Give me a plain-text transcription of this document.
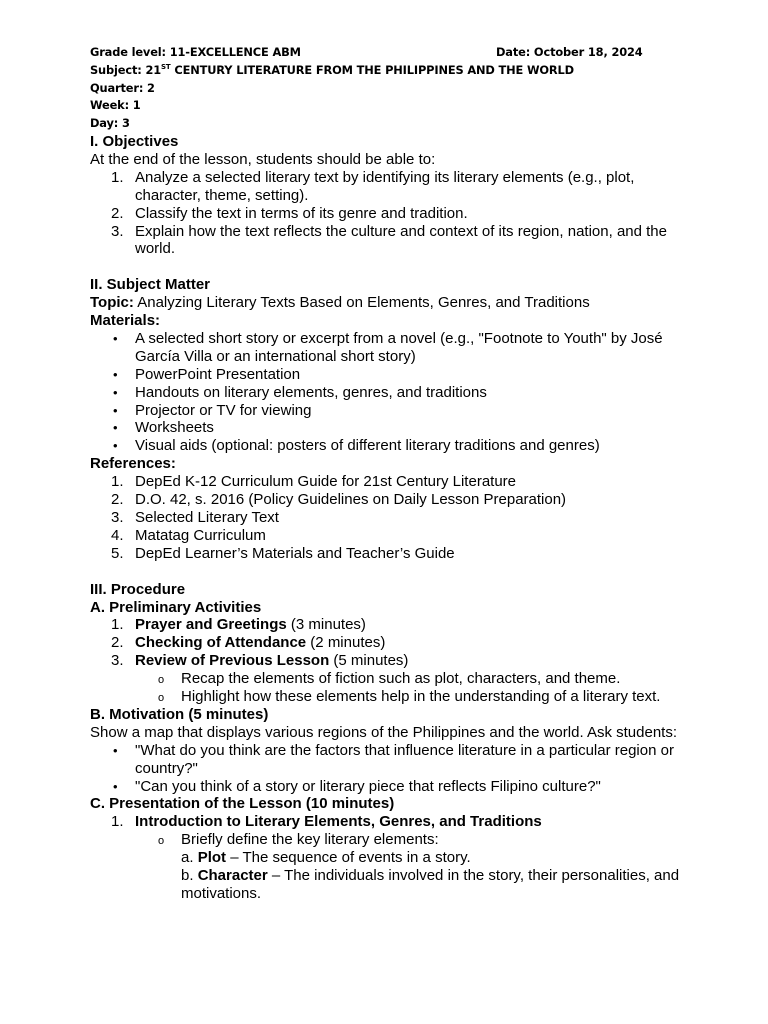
Grade level: 11-EXCELLENCE ABM	Date: October 18, 2024
Subject: 21ST CENTURY LITERATURE FROM THE PHILIPPINES AND THE WORLD
Quarter: 2
Week: 1
Day: 3
I. Objectives
At the end of the lesson, students should be able to:
1. Analyze a selected literary text by identifying its literary elements (e.g., plot, character, theme, setting).
2. Classify the text in terms of its genre and tradition.
3. Explain how the text reflects the culture and context of its region, nation, and the world.
II. Subject Matter
Topic: Analyzing Literary Texts Based on Elements, Genres, and Traditions
Materials:
• A selected short story or excerpt from a novel (e.g., "Footnote to Youth" by José García Villa or an international short story)
• PowerPoint Presentation
• Handouts on literary elements, genres, and traditions
• Projector or TV for viewing
• Worksheets
• Visual aids (optional: posters of different literary traditions and genres)
References:
1. DepEd K-12 Curriculum Guide for 21st Century Literature
2. D.O. 42, s. 2016 (Policy Guidelines on Daily Lesson Preparation)
3. Selected Literary Text
4. Matatag Curriculum
5. DepEd Learner’s Materials and Teacher’s Guide
III. Procedure
A. Preliminary Activities
1. Prayer and Greetings (3 minutes)
2. Checking of Attendance (2 minutes)
3. Review of Previous Lesson (5 minutes)
o Recap the elements of fiction such as plot, characters, and theme.
o Highlight how these elements help in the understanding of a literary text.
B. Motivation (5 minutes)
Show a map that displays various regions of the Philippines and the world. Ask students:
• "What do you think are the factors that influence literature in a particular region or country?"
• "Can you think of a story or literary piece that reflects Filipino culture?"
C. Presentation of the Lesson (10 minutes)
1. Introduction to Literary Elements, Genres, and Traditions
o Briefly define the key literary elements:
a. Plot – The sequence of events in a story.
b. Character – The individuals involved in the story, their personalities, and motivations.
